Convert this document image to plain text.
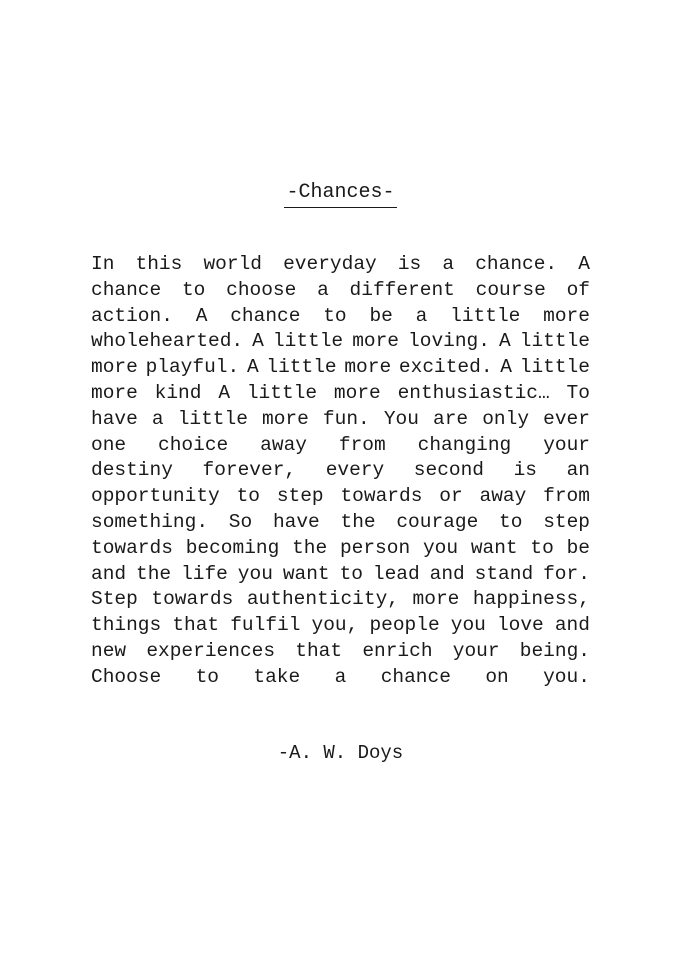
-Chances-
In this world everyday is a chance. A
chance to choose a different course of
action. A chance to be a little more
wholehearted. A little more loving. A little
more playful. A little more excited. A little
more kind A little more enthusiastic… To
have a little more fun. You are only ever
one choice away from changing your
destiny forever, every second is an
opportunity to step towards or away from
something. So have the courage to step
towards becoming the person you want to be
and the life you want to lead and stand for.
Step towards authenticity, more happiness,
things that fulfil you, people you love and
new experiences that enrich your being.
Choose to take a chance on you.
-A. W. Doys
